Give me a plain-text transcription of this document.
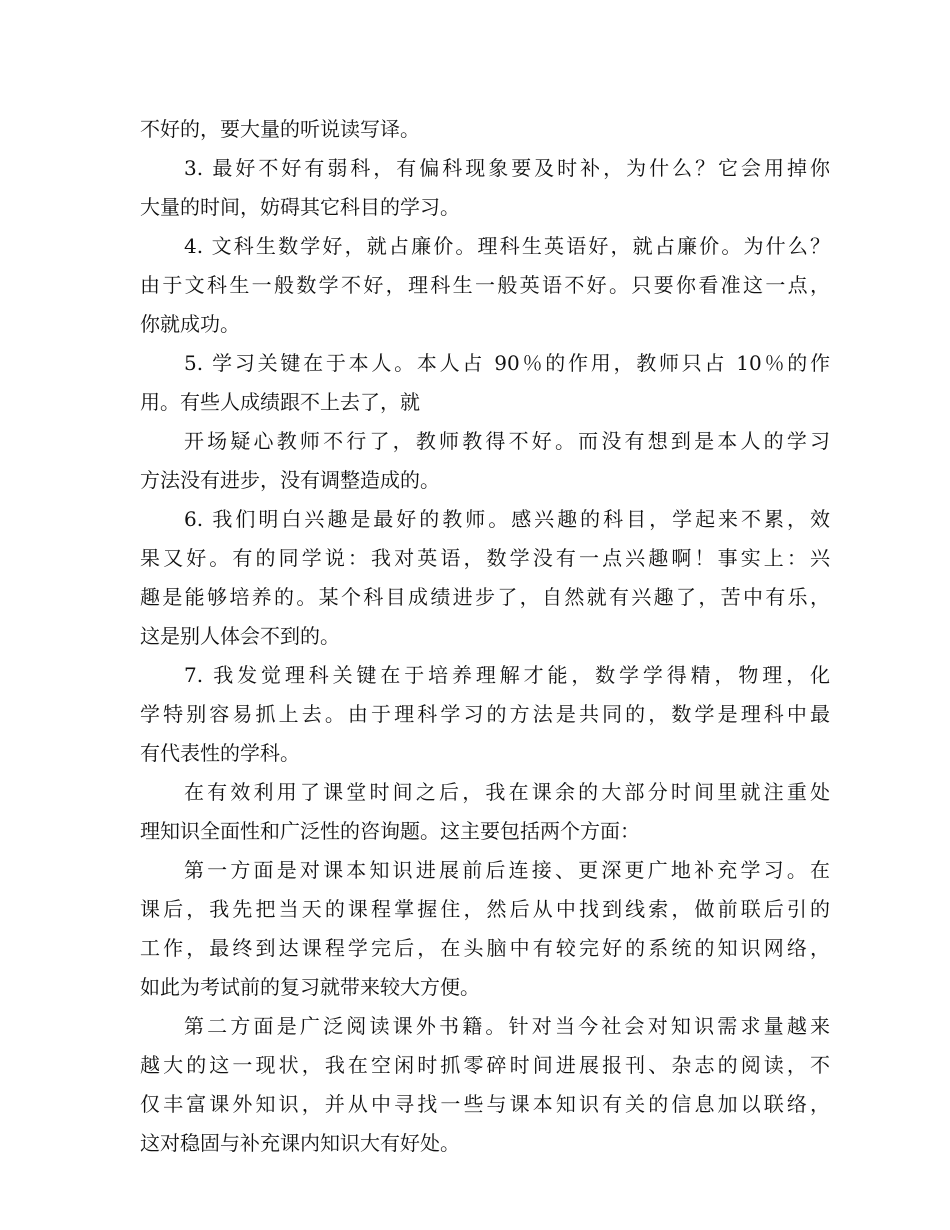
不好的，要大量的听说读写译。
3. 最好不好有弱科，有偏科现象要及时补，为什么？它会用掉你
大量的时间，妨碍其它科目的学习。
4. 文科生数学好，就占廉价。理科生英语好，就占廉价。为什么？
由于文科生一般数学不好，理科生一般英语不好。只要你看准这一点，
你就成功。
5. 学习关键在于本人。本人占 90％的作用，教师只占 10％的作
用。有些人成绩跟不上去了，就
开场疑心教师不行了，教师教得不好。而没有想到是本人的学习
方法没有进步，没有调整造成的。
6. 我们明白兴趣是最好的教师。感兴趣的科目，学起来不累，效
果又好。有的同学说：我对英语，数学没有一点兴趣啊！事实上：兴
趣是能够培养的。某个科目成绩进步了，自然就有兴趣了，苦中有乐，
这是别人体会不到的。
7. 我发觉理科关键在于培养理解才能，数学学得精，物理，化
学特别容易抓上去。由于理科学习的方法是共同的，数学是理科中最
有代表性的学科。
在有效利用了课堂时间之后，我在课余的大部分时间里就注重处
理知识全面性和广泛性的咨询题。这主要包括两个方面：
第一方面是对课本知识进展前后连接、更深更广地补充学习。在
课后，我先把当天的课程掌握住，然后从中找到线索，做前联后引的
工作，最终到达课程学完后，在头脑中有较完好的系统的知识网络，
如此为考试前的复习就带来较大方便。
第二方面是广泛阅读课外书籍。针对当今社会对知识需求量越来
越大的这一现状，我在空闲时抓零碎时间进展报刊、杂志的阅读，不
仅丰富课外知识，并从中寻找一些与课本知识有关的信息加以联络，
这对稳固与补充课内知识大有好处。
